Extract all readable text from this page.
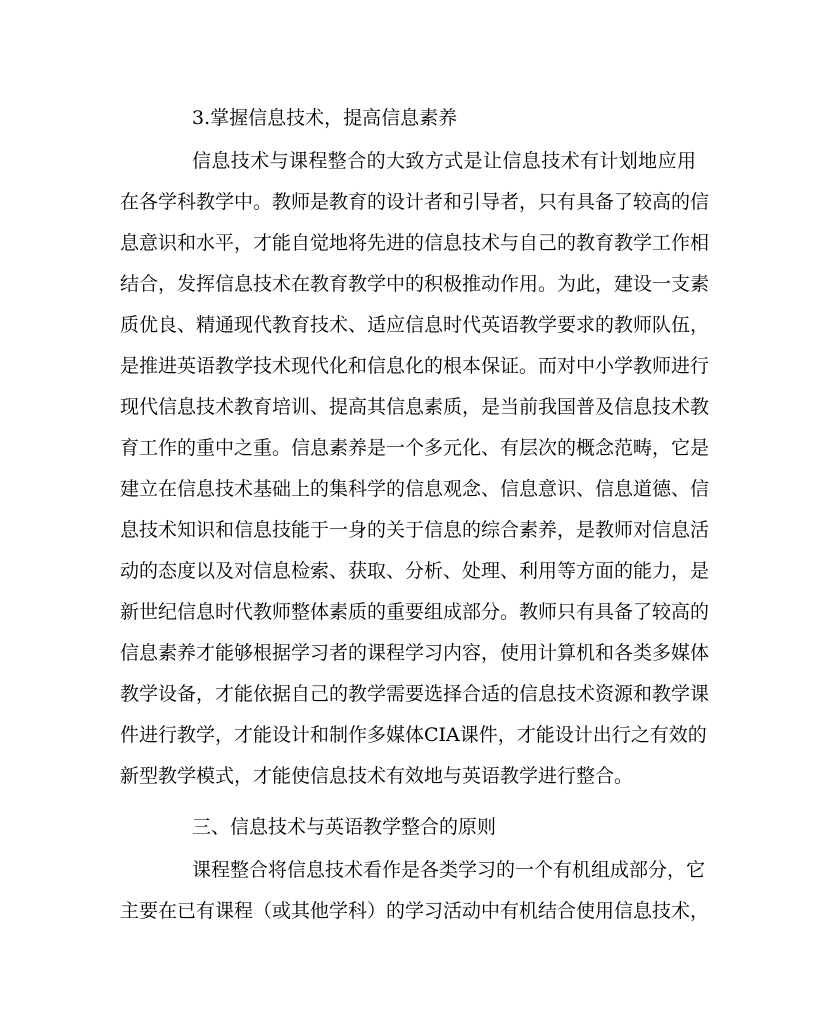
3.掌握信息技术，提高信息素养
信息技术与课程整合的大致方式是让信息技术有计划地应用
在各学科教学中。教师是教育的设计者和引导者，只有具备了较高的信
息意识和水平，才能自觉地将先进的信息技术与自己的教育教学工作相
结合，发挥信息技术在教育教学中的积极推动作用。为此，建设一支素
质优良、精通现代教育技术、适应信息时代英语教学要求的教师队伍，
是推进英语教学技术现代化和信息化的根本保证。而对中小学教师进行
现代信息技术教育培训、提高其信息素质，是当前我国普及信息技术教
育工作的重中之重。信息素养是一个多元化、有层次的概念范畴，它是
建立在信息技术基础上的集科学的信息观念、信息意识、信息道德、信
息技术知识和信息技能于一身的关于信息的综合素养，是教师对信息活
动的态度以及对信息检索、获取、分析、处理、利用等方面的能力，是
新世纪信息时代教师整体素质的重要组成部分。教师只有具备了较高的
信息素养才能够根据学习者的课程学习内容，使用计算机和各类多媒体
教学设备，才能依据自己的教学需要选择合适的信息技术资源和教学课
件进行教学，才能设计和制作多媒体CIA课件，才能设计出行之有效的
新型教学模式，才能使信息技术有效地与英语教学进行整合。
三、信息技术与英语教学整合的原则
课程整合将信息技术看作是各类学习的一个有机组成部分，它
主要在已有课程（或其他学科）的学习活动中有机结合使用信息技术，
